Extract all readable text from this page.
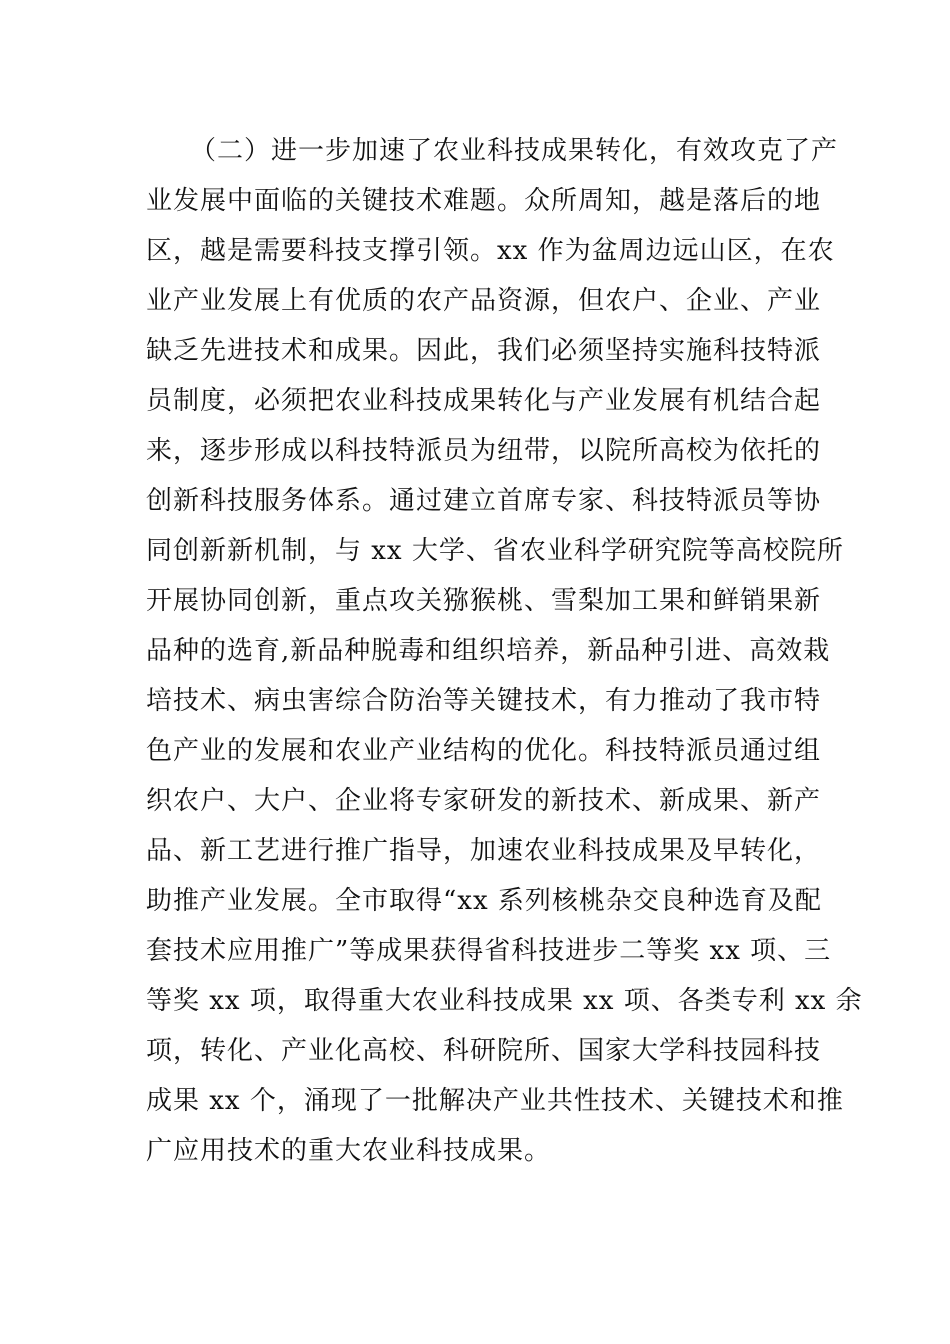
（二）进一步加速了农业科技成果转化，有效攻克了产
业发展中面临的关键技术难题。众所周知，越是落后的地
区，越是需要科技支撑引领。xx 作为盆周边远山区，在农
业产业发展上有优质的农产品资源，但农户、企业、产业
缺乏先进技术和成果。因此，我们必须坚持实施科技特派
员制度，必须把农业科技成果转化与产业发展有机结合起
来，逐步形成以科技特派员为纽带，以院所高校为依托的
创新科技服务体系。通过建立首席专家、科技特派员等协
同创新新机制，与 xx 大学、省农业科学研究院等高校院所
开展协同创新，重点攻关猕猴桃、雪梨加工果和鲜销果新
品种的选育,新品种脱毒和组织培养，新品种引进、高效栽
培技术、病虫害综合防治等关键技术，有力推动了我市特
色产业的发展和农业产业结构的优化。科技特派员通过组
织农户、大户、企业将专家研发的新技术、新成果、新产
品、新工艺进行推广指导，加速农业科技成果及早转化，
助推产业发展。全市取得“xx 系列核桃杂交良种选育及配
套技术应用推广”等成果获得省科技进步二等奖 xx 项、三
等奖 xx 项，取得重大农业科技成果 xx 项、各类专利 xx 余
项，转化、产业化高校、科研院所、国家大学科技园科技
成果 xx 个，涌现了一批解决产业共性技术、关键技术和推
广应用技术的重大农业科技成果。
